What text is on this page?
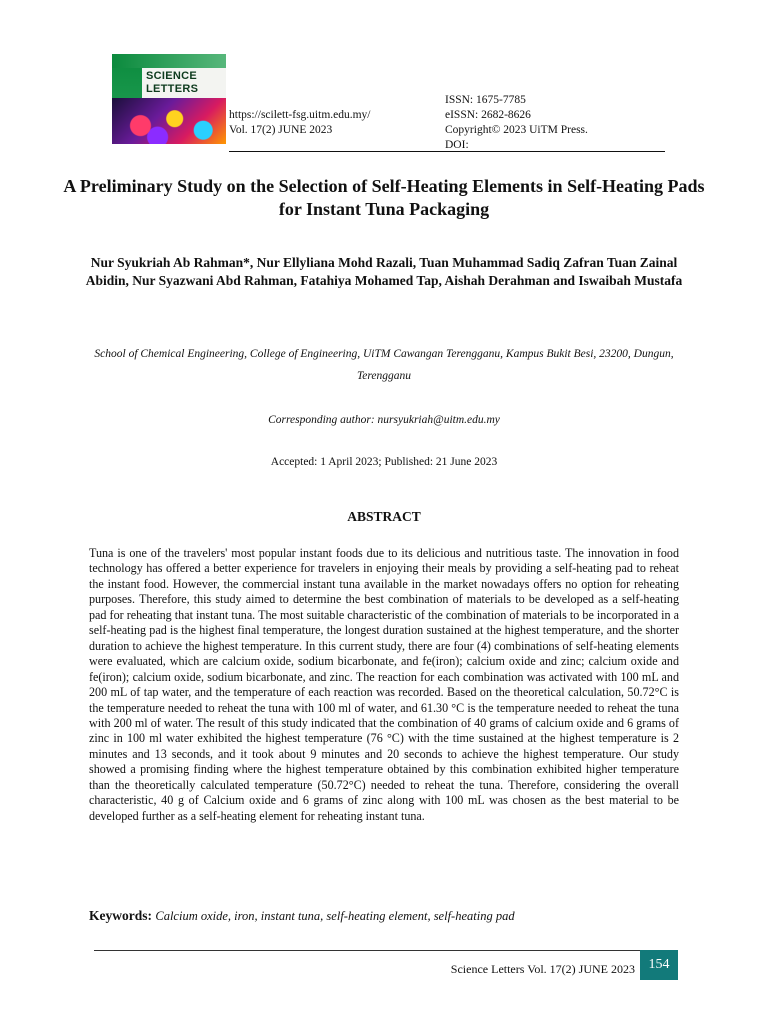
SCIENCE
LETTERS
https://scilett-fsg.uitm.edu.my/
Vol. 17(2) JUNE 2023
ISSN: 1675-7785
eISSN: 2682-8626
Copyright© 2023 UiTM Press.
DOI:
A Preliminary Study on the Selection of Self-Heating Elements in Self-Heating Pads for Instant Tuna Packaging
Nur Syukriah Ab Rahman*, Nur Ellyliana Mohd Razali, Tuan Muhammad Sadiq Zafran Tuan Zainal Abidin, Nur Syazwani Abd Rahman, Fatahiya Mohamed Tap, Aishah Derahman and Iswaibah Mustafa
School of Chemical Engineering, College of Engineering, UiTM Cawangan Terengganu, Kampus Bukit Besi, 23200, Dungun, Terengganu
Corresponding author: nursyukriah@uitm.edu.my
Accepted: 1 April 2023; Published: 21 June 2023
ABSTRACT

Tuna is one of the travelers' most popular instant foods due to its delicious and nutritious taste. The innovation in food technology has offered a better experience for travelers in enjoying their meals by providing a self-heating pad to reheat the instant food. However, the commercial instant tuna available in the market nowadays offers no option for reheating purposes. Therefore, this study aimed to determine the best combination of materials to be developed as a self-heating pad for reheating that instant tuna. The most suitable characteristic of the combination of materials to be incorporated in a self-heating pad is the highest final temperature, the longest duration sustained at the highest temperature, and the shorter duration to achieve the highest temperature. In this current study, there are four (4) combinations of self-heating elements were evaluated, which are calcium oxide, sodium bicarbonate, and fe(iron); calcium oxide and zinc; calcium oxide and fe(iron); calcium oxide, sodium bicarbonate, and zinc. The reaction for each combination was activated with 100 mL and 200 mL of tap water, and the temperature of each reaction was recorded. Based on the theoretical calculation, 50.72°C is the temperature needed to reheat the tuna with 100 ml of water, and 61.30 °C is the temperature needed to reheat the tuna with 200 ml of water. The result of this study indicated that the combination of 40 grams of calcium oxide and 6 grams of zinc in 100 ml water exhibited the highest temperature (76 °C) with the time sustained at the highest temperature is 2 minutes and 13 seconds, and it took about 9 minutes and 20 seconds to achieve the highest temperature. Our study showed a promising finding where the highest temperature obtained by this combination exhibited higher temperature than the theoretically calculated temperature (50.72°C) needed to reheat the tuna. Therefore, considering the overall characteristic, 40 g of Calcium oxide and 6 grams of zinc along with 100 mL was chosen as the best material to be developed further as a self-heating element for reheating instant tuna.

Keywords: Calcium oxide, iron, instant tuna, self-heating element, self-heating pad
Science Letters Vol. 17(2) JUNE 2023 154
